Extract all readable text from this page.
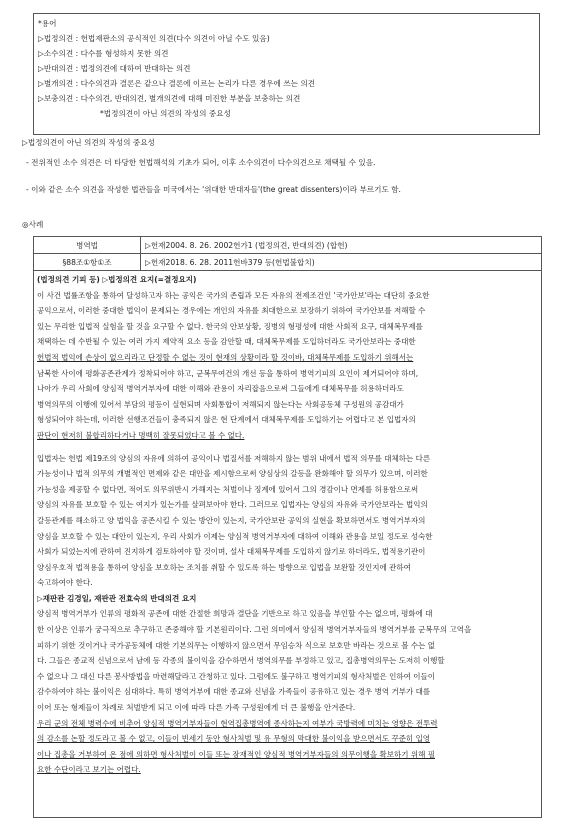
*용어
▷법정의견 : 헌법재판소의 공식적인 의견(다수 의견이 아닐 수도 있음)
▷소수의견 : 다수를 형성하지 못한 의견
▷반대의견 : 법정의견에 대하여 반대하는 의견
▷별개의견 : 다수의견과 결론은 같으나 결론에 이르는 논리가 다른 경우에 쓰는 의견
▷보충의견 : 다수의견, 반대의견, 별개의견에 대해 미진한 부분을 보충하는 의견
*법정의견이 아닌 의견의 작성의 중요성
▷법정의견이 아닌 의견의 작성의 중요성
- 전위적인 소수 의견은 더 타당한 헌법해석의 기초가 되어, 이후 소수의견이 다수의견으로 채택될 수 있음.
- 이와 같은 소수 의견을 작성한 법관들을 미국에서는 '위대한 반대자들'(the great dissenters)이라 부르기도 함.
◎사례
병역법	▷헌재2004. 8. 26. 2002헌가1 (법정의견, 반대의견) (합헌)
§88조①항①조	▷헌재2018. 6. 28. 2011헌바379 등(헌법불합치)
(법정의견 기피 등) ▷법정의견 요지(=결정요지)
이 사건 법률조항을 통하여 달성하고자 하는 공익은 국가의 존립과 모든 자유의 전제조건인 '국가안보'라는 대단히 중요한
공익으로서, 이러한 중대한 법익이 문제되는 경우에는 개인의 자유를 최대한으로 보장하기 위하여 국가안보를 저해할 수
있는 무리한 입법적 실험을 할 것을 요구할 수 없다. 한국의 안보상황, 징병의 형평성에 대한 사회적 요구, 대체복무제를
채택하는 데 수반될 수 있는 여러 가지 제약적 요소 등을 감안할 때, 대체복무제를 도입하더라도 국가안보라는 중대한
헌법적 법익에 손상이 없으리라고 단정할 수 없는 것이 현재의 상황이라 할 것이바, 대체복무제를 도입하기 위해서는
남북한 사이에 평화공존관계가 정착되어야 하고, 군복무여건의 개선 등을 통하여 병역기피의 요인이 제거되어야 하며,
나아가 우리 사회에 양심적 병역거부자에 대한 이해와 관용이 자리잡음으로써 그들에게 대체복무를 허용하더라도
병역의무의 이행에 있어서 부담의 평등이 실현되며 사회통합이 저해되지 않는다는 사회공동체 구성원의 공감대가
형성되어야 하는데, 이러한 선행조건들이 충족되지 않은 현 단계에서 대체복무제를 도입하기는 어렵다고 본 입법자의
판단이 현저히 불합리하다거나 명백히 잘못되었다고 볼 수 없다.
입법자는 헌법 제19조의 양심의 자유에 의하여 공익이나 법질서를 저해하지 않는 범위 내에서 법적 의무를 대체하는 다른
가능성이나 법적 의무의 개별적인 면제와 같은 대안을 제시함으로써 양심상의 갈등을 완화해야 할 의무가 있으며, 이러한
가능성을 제공할 수 없다면, 적어도 의무위반시 가해지는 처벌이나 징계에 있어서 그의 경감이나 면제를 허용함으로써
양심의 자유를 보호할 수 있는 여지가 있는가를 살펴보아야 한다. 그러므로 입법자는 양심의 자유와 국가안보라는 법익의
갈등관계를 해소하고 양 법익을 공존시킬 수 있는 방안이 있는지, 국가안보란 공익의 실현을 확보하면서도 병역거부자의
양심을 보호할 수 있는 대안이 있는지, 우리 사회가 이제는 양심적 병역거부자에 대하여 이해와 관용을 보일 정도로 성숙한
사회가 되었는지에 관하여 진지하게 검토하여야 할 것이며, 설사 대체복무제를 도입하지 않기로 하더라도, 법적용기관이
양심우호적 법적용을 통하여 양심을 보호하는 조치를 취할 수 있도록 하는 방향으로 입법을 보완할 것인지에 관하여
숙고하여야 한다.
▷재판관 김경일, 재판관 전효숙의 반대의견 요지
양심적 병역거부가 인류의 평화적 공존에 대한 간절한 희망과 결단을 기반으로 하고 있음을 부인할 수는 없으며, 평화에 대
한 이상은 인류가 궁극적으로 추구하고 존중해야 할 기본원리이다. 그런 의미에서 양심적 병역거부자들의 병역거부를 군복무의 고역을
피하기 위한 것이거나 국가공동체에 대한 기본의무는 이행하지 않으면서 무임승차 식으로 보호만 바라는 것으로 볼 수는 없
다. 그들은 종교적 신념으로서 남에 등 각종의 불이익을 감수하면서 병역의무를 부정하고 있고, 집총병역의무는 도저히 이행할
수 없으나 그 대신 다른 봉사방법을 마련해달라고 간청하고 있다. 그럼에도 불구하고 병역기피의 형사처벌은 인하여 이들이
감수하여야 하는 불이익은 심대하다. 특히 병역거부에 대한 종교와 신념을 가족들이 공유하고 있는 경우 병역 거부가 대를
이어 또는 형제들이 차례로 처벌받게 되고 이에 따라 다른 가족 구성원에게 더 큰 불행을 안겨준다.
우리 군의 전체 병력수에 비추어 양심적 병역거부자들이 현역집총병역에 종사하는지 여부가 국방력에 미치는 영향은 전투력
의 감소를 논할 정도라고 볼 수 없고, 이들이 빈세기 동안 형사처벌 및 유 무형의 막대한 불이익을 받으면서도 꾸준히 입영
이나 집총을 거부하여 온 점에 의하면 형사처벌이 이들 또는 잠재적인 양심적 병역거부자들의 의무이행을 확보하기 위해 필
요한 수단이라고 보기는 어렵다.
